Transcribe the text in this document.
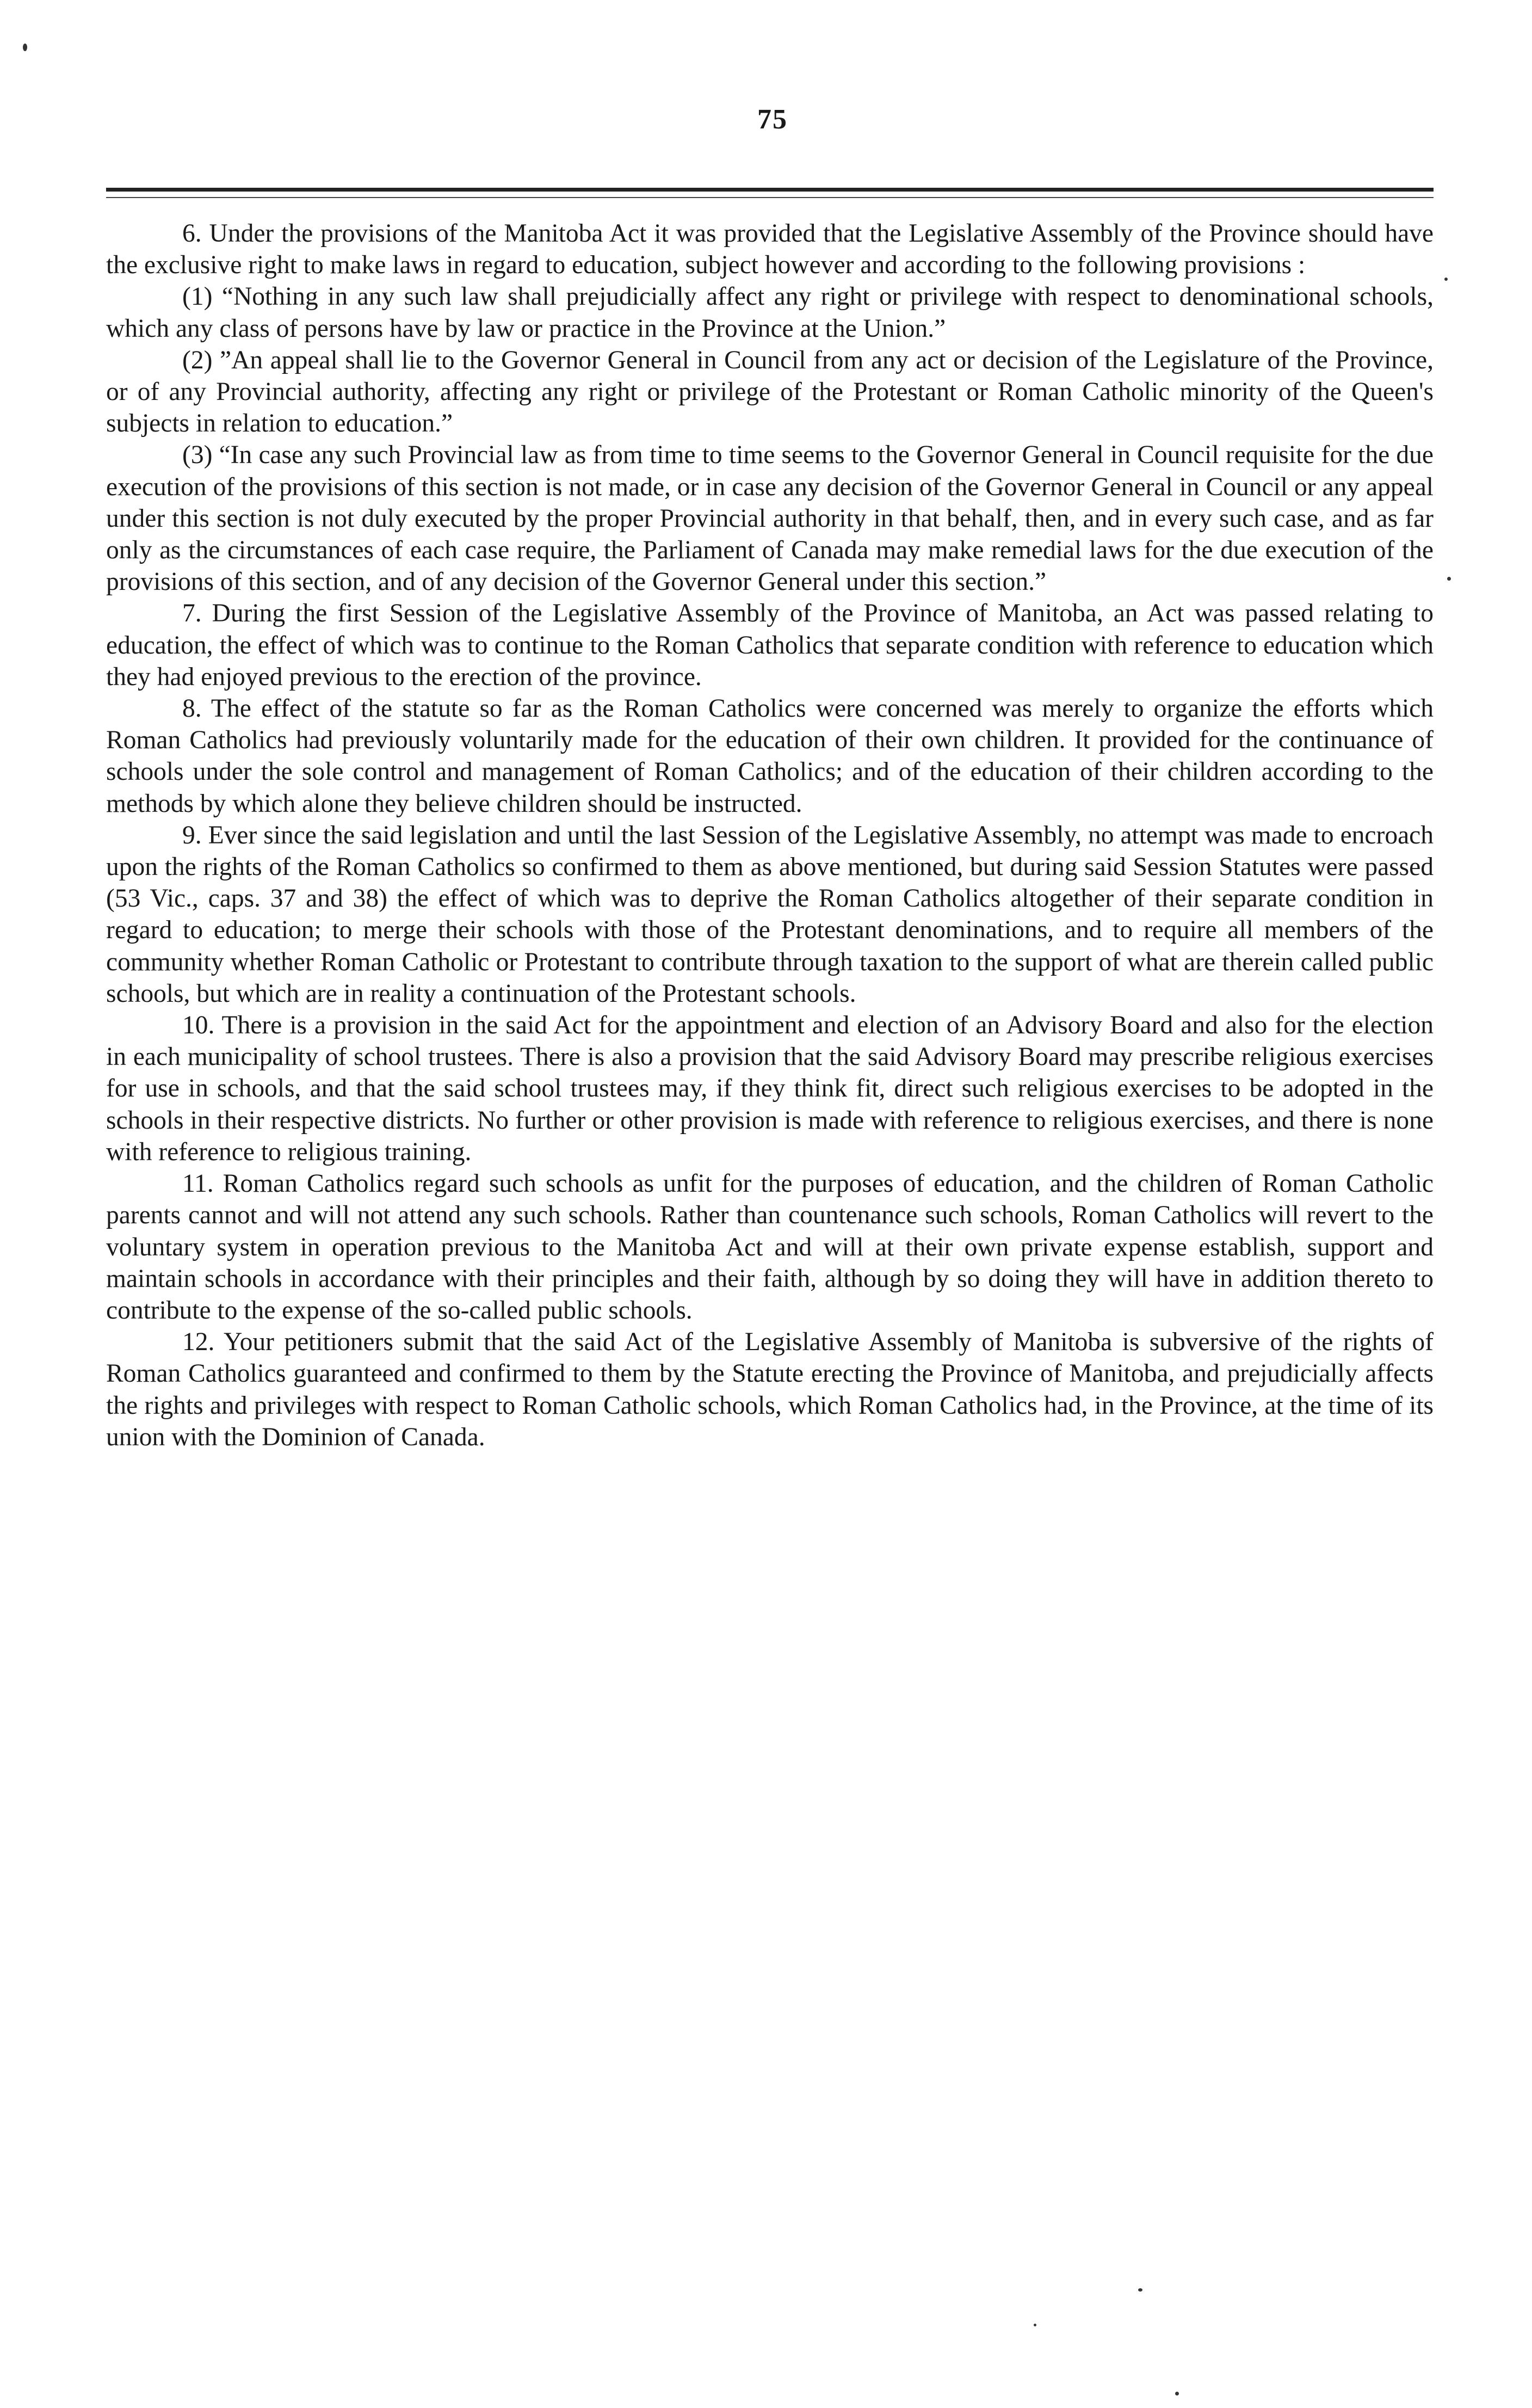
75

6. Under the provisions of the Manitoba Act it was provided that the Legislative Assembly of the Province should have the exclusive right to make laws in regard to education, subject however and according to the following provisions :

(1) “Nothing in any such law shall prejudicially affect any right or privilege with respect to denominational schools, which any class of persons have by law or practice in the Province at the Union.”

(2) ”An appeal shall lie to the Governor General in Council from any act or decision of the Legislature of the Province, or of any Provincial authority, affecting any right or privilege of the Protestant or Roman Catholic minority of the Queen's subjects in relation to education.”

(3) “In case any such Provincial law as from time to time seems to the Governor General in Council requisite for the due execution of the provisions of this section is not made, or in case any decision of the Governor General in Council or any appeal under this section is not duly executed by the proper Provincial authority in that behalf, then, and in every such case, and as far only as the circumstances of each case require, the Parliament of Canada may make remedial laws for the due execution of the provisions of this section, and of any decision of the Governor General under this section.”

7. During the first Session of the Legislative Assembly of the Province of Manitoba, an Act was passed relating to education, the effect of which was to continue to the Roman Catholics that separate condition with reference to education which they had enjoyed previous to the erection of the province.

8. The effect of the statute so far as the Roman Catholics were concerned was merely to organize the efforts which Roman Catholics had previously voluntarily made for the education of their own children. It provided for the continuance of schools under the sole control and management of Roman Catholics; and of the education of their children according to the methods by which alone they believe children should be instructed.

9. Ever since the said legislation and until the last Session of the Legislative Assembly, no attempt was made to encroach upon the rights of the Roman Catholics so confirmed to them as above mentioned, but during said Session Statutes were passed (53 Vic., caps. 37 and 38) the effect of which was to deprive the Roman Catholics altogether of their separate condition in regard to education; to merge their schools with those of the Protestant denominations, and to require all members of the community whether Roman Catholic or Protestant to contribute through taxation to the support of what are therein called public schools, but which are in reality a continuation of the Protestant schools.

10. There is a provision in the said Act for the appointment and election of an Advisory Board and also for the election in each municipality of school trustees. There is also a provision that the said Advisory Board may prescribe religious exercises for use in schools, and that the said school trustees may, if they think fit, direct such religious exercises to be adopted in the schools in their respective districts. No further or other provision is made with reference to religious exercises, and there is none with reference to religious training.

11. Roman Catholics regard such schools as unfit for the purposes of education, and the children of Roman Catholic parents cannot and will not attend any such schools. Rather than countenance such schools, Roman Catholics will revert to the voluntary system in operation previous to the Manitoba Act and will at their own private expense establish, support and maintain schools in accordance with their principles and their faith, although by so doing they will have in addition thereto to contribute to the expense of the so-called public schools.

12. Your petitioners submit that the said Act of the Legislative Assembly of Manitoba is subversive of the rights of Roman Catholics guaranteed and confirmed to them by the Statute erecting the Province of Manitoba, and prejudicially affects the rights and privileges with respect to Roman Catholic schools, which Roman Catholics had, in the Province, at the time of its union with the Dominion of Canada.
